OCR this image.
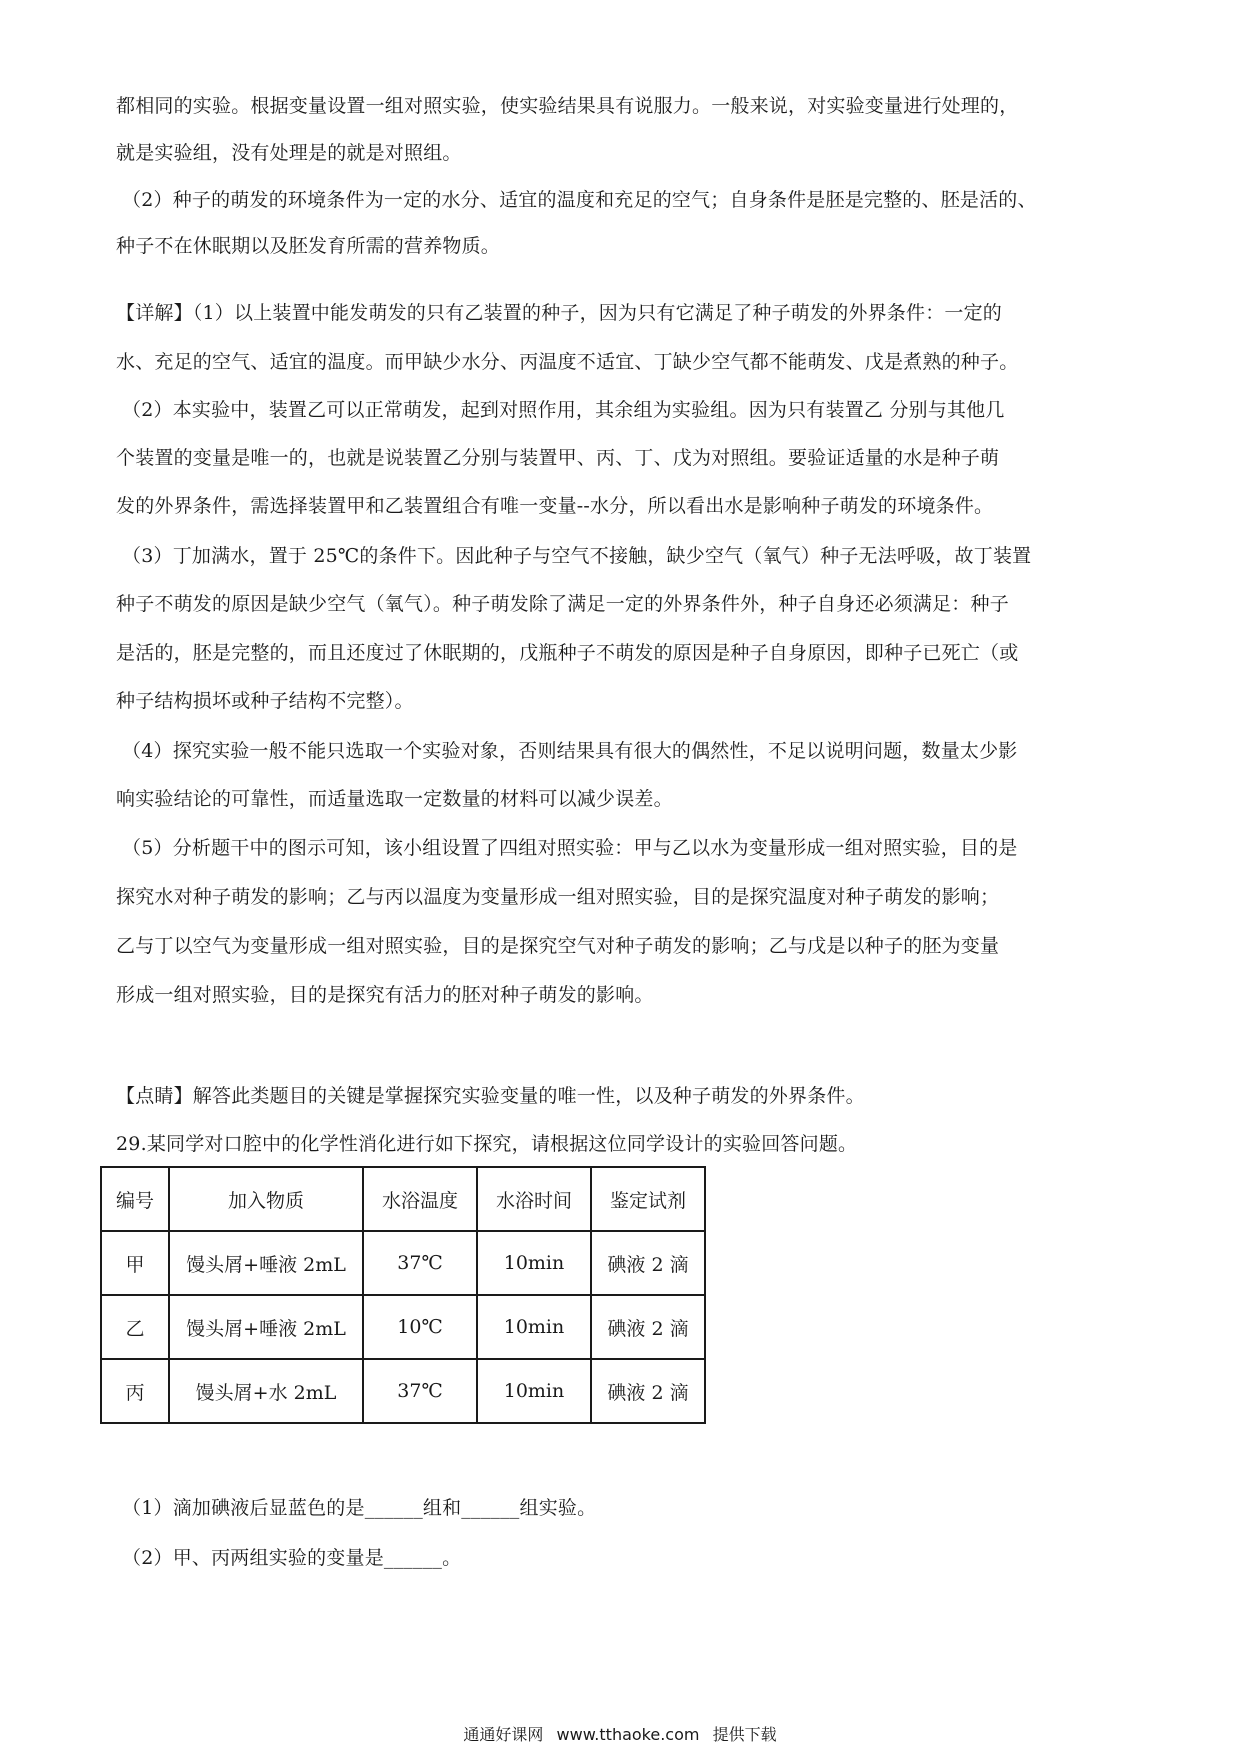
都相同的实验。根据变量设置一组对照实验，使实验结果具有说服力。一般来说，对实验变量进行处理的，
就是实验组，没有处理是的就是对照组。
（2）种子的萌发的环境条件为一定的水分、适宜的温度和充足的空气；自身条件是胚是完整的、胚是活的、
种子不在休眠期以及胚发育所需的营养物质。
【详解】（1）以上装置中能发萌发的只有乙装置的种子，因为只有它满足了种子萌发的外界条件：一定的
水、充足的空气、适宜的温度。而甲缺少水分、丙温度不适宜、丁缺少空气都不能萌发、戊是煮熟的种子。
（2）本实验中，装置乙可以正常萌发，起到对照作用，其余组为实验组。因为只有装置乙 分别与其他几
个装置的变量是唯一的，也就是说装置乙分别与装置甲、丙、丁、戊为对照组。要验证适量的水是种子萌
发的外界条件，需选择装置甲和乙装置组合有唯一变量--水分，所以看出水是影响种子萌发的环境条件。
（3）丁加满水，置于 25℃的条件下。因此种子与空气不接触，缺少空气（氧气）种子无法呼吸，故丁装置
种子不萌发的原因是缺少空气（氧气）。种子萌发除了满足一定的外界条件外，种子自身还必须满足：种子
是活的，胚是完整的，而且还度过了休眠期的，戊瓶种子不萌发的原因是种子自身原因，即种子已死亡（或
种子结构损坏或种子结构不完整）。
（4）探究实验一般不能只选取一个实验对象，否则结果具有很大的偶然性，不足以说明问题，数量太少影
响实验结论的可靠性，而适量选取一定数量的材料可以减少误差。
（5）分析题干中的图示可知，该小组设置了四组对照实验：甲与乙以水为变量形成一组对照实验，目的是
探究水对种子萌发的影响；乙与丙以温度为变量形成一组对照实验，目的是探究温度对种子萌发的影响；
乙与丁以空气为变量形成一组对照实验，目的是探究空气对种子萌发的影响；乙与戊是以种子的胚为变量
形成一组对照实验，目的是探究有活力的胚对种子萌发的影响。
【点睛】解答此类题目的关键是掌握探究实验变量的唯一性，以及种子萌发的外界条件。
29.某同学对口腔中的化学性消化进行如下探究，请根据这位同学设计的实验回答问题。
编号	加入物质	水浴温度	水浴时间	鉴定试剂
甲	馒头屑+唾液 2mL	37℃	10min	碘液 2 滴
乙	馒头屑+唾液 2mL	10℃	10min	碘液 2 滴
丙	馒头屑+水 2mL	37℃	10min	碘液 2 滴
（1）滴加碘液后显蓝色的是______组和______组实验。
（2）甲、丙两组实验的变量是______。
通通好课网 www.tthaoke.com 提供下载
